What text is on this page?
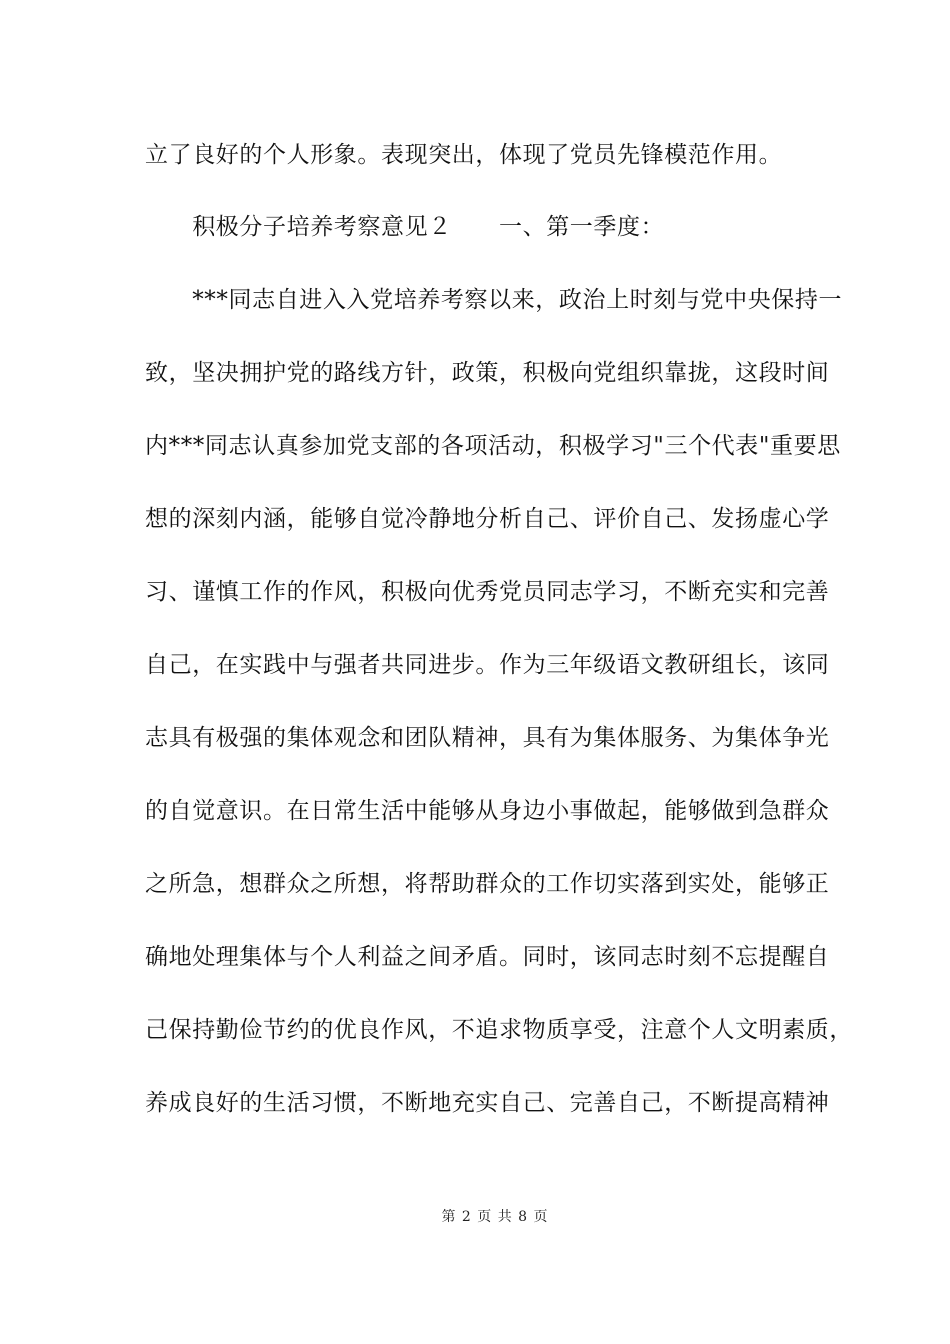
立了良好的个人形象。表现突出，体现了党员先锋模范作用。
　　积极分子培养考察意见２　　一、第一季度：
　　***同志自进入入党培养考察以来，政治上时刻与党中央保持一
致，坚决拥护党的路线方针，政策，积极向党组织靠拢，这段时间
内***同志认真参加党支部的各项活动，积极学习"三个代表"重要思
想的深刻内涵，能够自觉冷静地分析自己、评价自己、发扬虚心学
习、谨慎工作的作风，积极向优秀党员同志学习，不断充实和完善
自己，在实践中与强者共同进步。作为三年级语文教研组长，该同
志具有极强的集体观念和团队精神，具有为集体服务、为集体争光
的自觉意识。在日常生活中能够从身边小事做起，能够做到急群众
之所急，想群众之所想，将帮助群众的工作切实落到实处，能够正
确地处理集体与个人利益之间矛盾。同时，该同志时刻不忘提醒自
己保持勤俭节约的优良作风，不追求物质享受，注意个人文明素质，
养成良好的生活习惯，不断地充实自己、完善自己，不断提高精神
第 2 页 共 8 页
